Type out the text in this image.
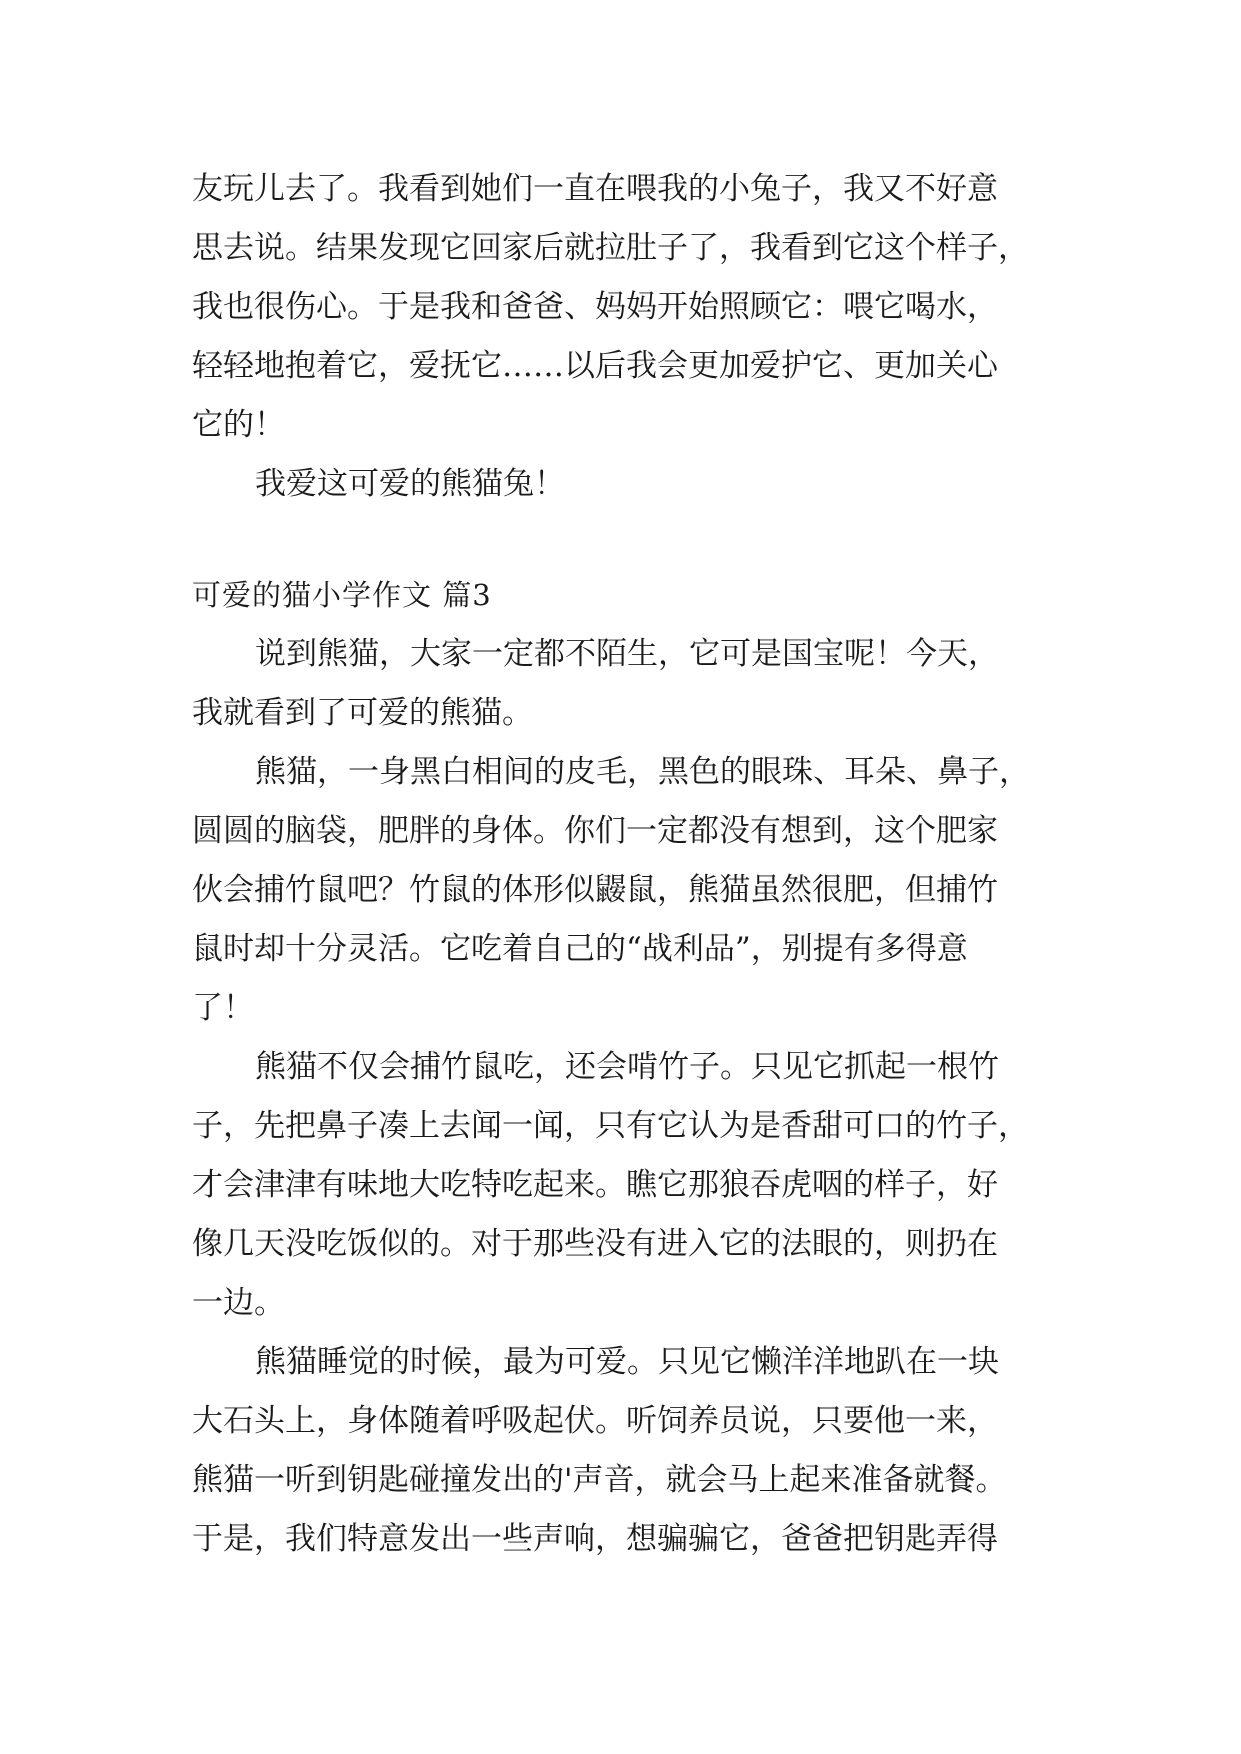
友玩儿去了。我看到她们一直在喂我的小兔子，我又不好意
思去说。结果发现它回家后就拉肚子了，我看到它这个样子，
我也很伤心。于是我和爸爸、妈妈开始照顾它：喂它喝水，
轻轻地抱着它，爱抚它……以后我会更加爱护它、更加关心
它的！
我爱这可爱的熊猫兔！
可爱的猫小学作文 篇3
说到熊猫，大家一定都不陌生，它可是国宝呢！今天，
我就看到了可爱的熊猫。
熊猫，一身黑白相间的皮毛，黑色的眼珠、耳朵、鼻子，
圆圆的脑袋，肥胖的身体。你们一定都没有想到，这个肥家
伙会捕竹鼠吧？竹鼠的体形似鼹鼠，熊猫虽然很肥，但捕竹
鼠时却十分灵活。它吃着自己的“战利品”，别提有多得意
了！
熊猫不仅会捕竹鼠吃，还会啃竹子。只见它抓起一根竹
子，先把鼻子凑上去闻一闻，只有它认为是香甜可口的竹子，
才会津津有味地大吃特吃起来。瞧它那狼吞虎咽的样子，好
像几天没吃饭似的。对于那些没有进入它的法眼的，则扔在
一边。
熊猫睡觉的时候，最为可爱。只见它懒洋洋地趴在一块
大石头上，身体随着呼吸起伏。听饲养员说，只要他一来，
熊猫一听到钥匙碰撞发出的'声音，就会马上起来准备就餐。
于是，我们特意发出一些声响，想骗骗它，爸爸把钥匙弄得
